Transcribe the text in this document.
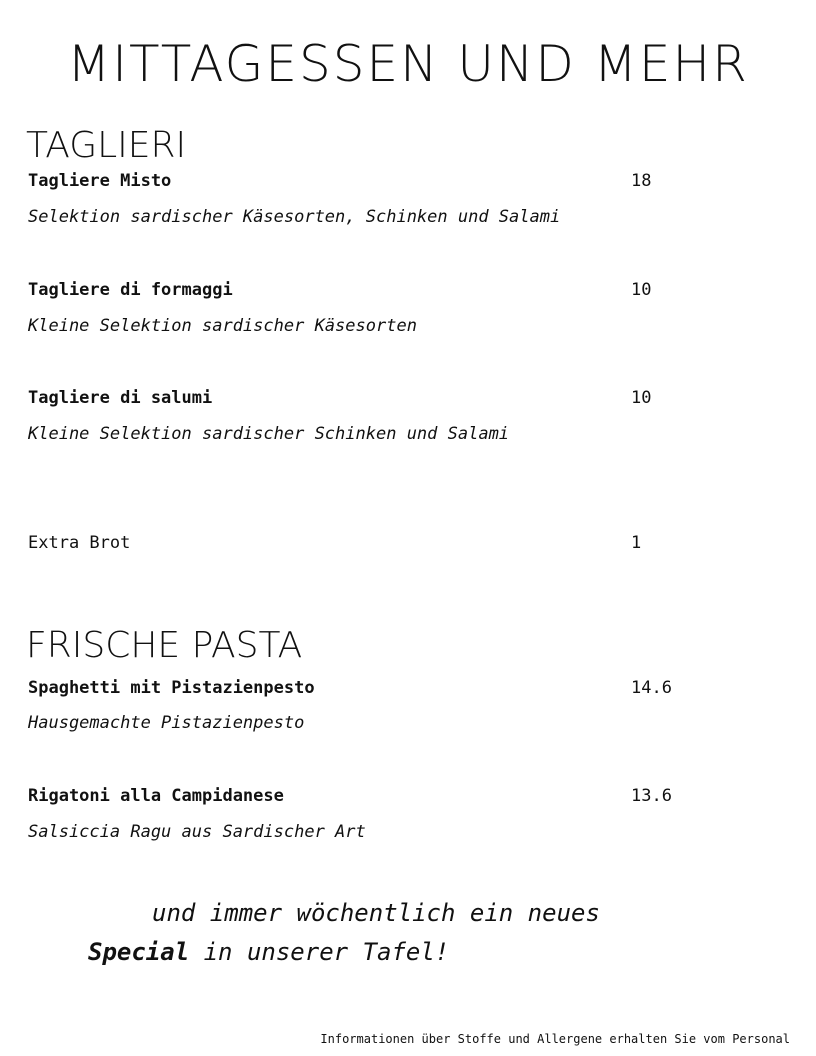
MITTAGESSEN UND MEHR
TAGLIERI
Tagliere Misto	18
Selektion sardischer Käsesorten, Schinken und Salami
Tagliere di formaggi	10
Kleine Selektion sardischer Käsesorten
Tagliere di salumi	10
Kleine Selektion sardischer Schinken und Salami
Extra Brot	1
FRISCHE PASTA
Spaghetti mit Pistazienpesto	14.6
Hausgemachte Pistazienpesto
Rigatoni alla Campidanese	13.6
Salsiccia Ragu aus Sardischer Art
und immer wöchentlich ein neues
Special in unserer Tafel!
Informationen über Stoffe und Allergene erhalten Sie vom Personal
